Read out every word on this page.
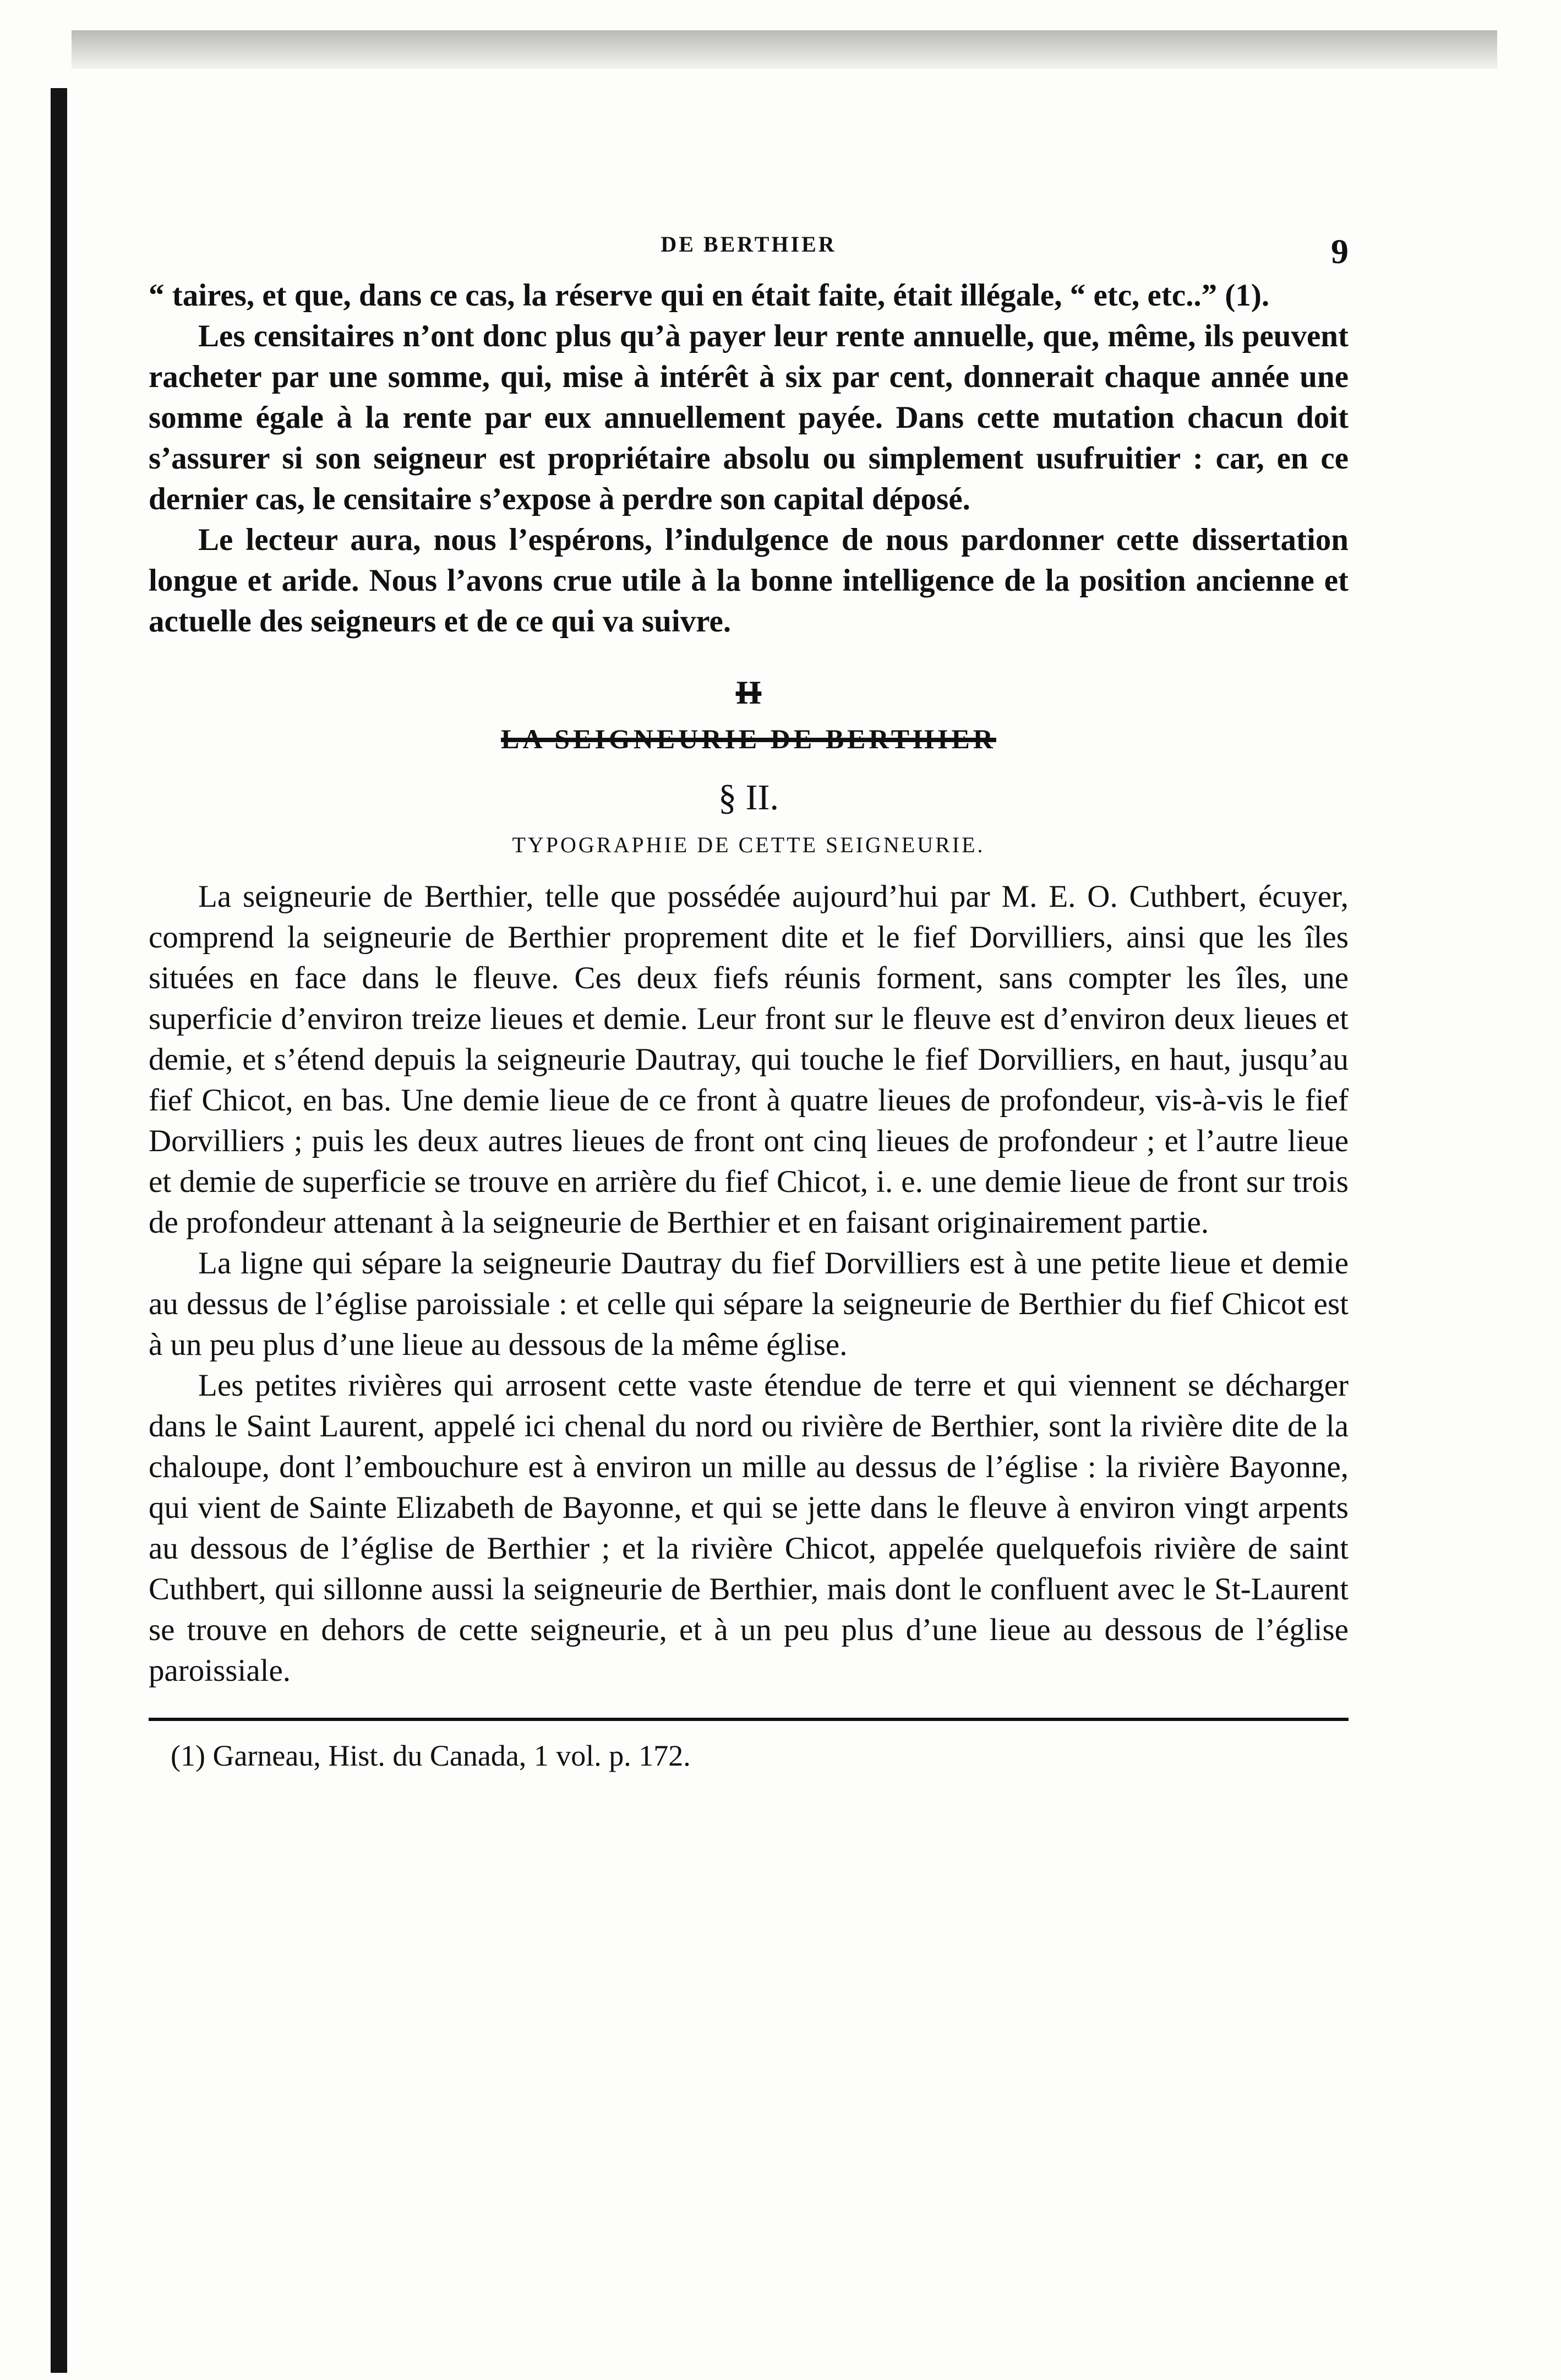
DE BERTHIER	9

“ taires, et que, dans ce cas, la réserve qui en était faite, était illégale, “ etc, etc..” (1).

Les censitaires n’ont donc plus qu’à payer leur rente annuelle, que, même, ils peuvent racheter par une somme, qui, mise à intérêt à six par cent, donnerait chaque année une somme égale à la rente par eux annuellement payée. Dans cette mutation chacun doit s’assurer si son seigneur est propriétaire absolu ou simplement usufruitier : car, en ce dernier cas, le censitaire s’expose à perdre son capital déposé.

Le lecteur aura, nous l’espérons, l’indulgence de nous pardonner cette dissertation longue et aride. Nous l’avons crue utile à la bonne intelligence de la position ancienne et actuelle des seigneurs et de ce qui va suivre.

II
LA SEIGNEURIE DE BERTHIER
§ II.
TYPOGRAPHIE DE CETTE SEIGNEURIE.

La seigneurie de Berthier, telle que possédée aujourd’hui par M. E. O. Cuthbert, écuyer, comprend la seigneurie de Berthier proprement dite et le fief Dorvilliers, ainsi que les îles situées en face dans le fleuve. Ces deux fiefs réunis forment, sans compter les îles, une superficie d’environ treize lieues et demie. Leur front sur le fleuve est d’environ deux lieues et demie, et s’étend depuis la seigneurie Dautray, qui touche le fief Dorvilliers, en haut, jusqu’au fief Chicot, en bas. Une demie lieue de ce front à quatre lieues de profondeur, vis-à-vis le fief Dorvilliers ; puis les deux autres lieues de front ont cinq lieues de profondeur ; et l’autre lieue et demie de superficie se trouve en arrière du fief Chicot, i. e. une demie lieue de front sur trois de profondeur attenant à la seigneurie de Berthier et en faisant originairement partie.

La ligne qui sépare la seigneurie Dautray du fief Dorvilliers est à une petite lieue et demie au dessus de l’église paroissiale : et celle qui sépare la seigneurie de Berthier du fief Chicot est à un peu plus d’une lieue au dessous de la même église.

Les petites rivières qui arrosent cette vaste étendue de terre et qui viennent se décharger dans le Saint Laurent, appelé ici chenal du nord ou rivière de Berthier, sont la rivière dite de la chaloupe, dont l’embouchure est à environ un mille au dessus de l’église : la rivière Bayonne, qui vient de Sainte Elizabeth de Bayonne, et qui se jette dans le fleuve à environ vingt arpents au dessous de l’église de Berthier ; et la rivière Chicot, appelée quelquefois rivière de saint Cuthbert, qui sillonne aussi la seigneurie de Berthier, mais dont le confluent avec le St-Laurent se trouve en dehors de cette seigneurie, et à un peu plus d’une lieue au dessous de l’église paroissiale.

(1) Garneau, Hist. du Canada, 1 vol. p. 172.
